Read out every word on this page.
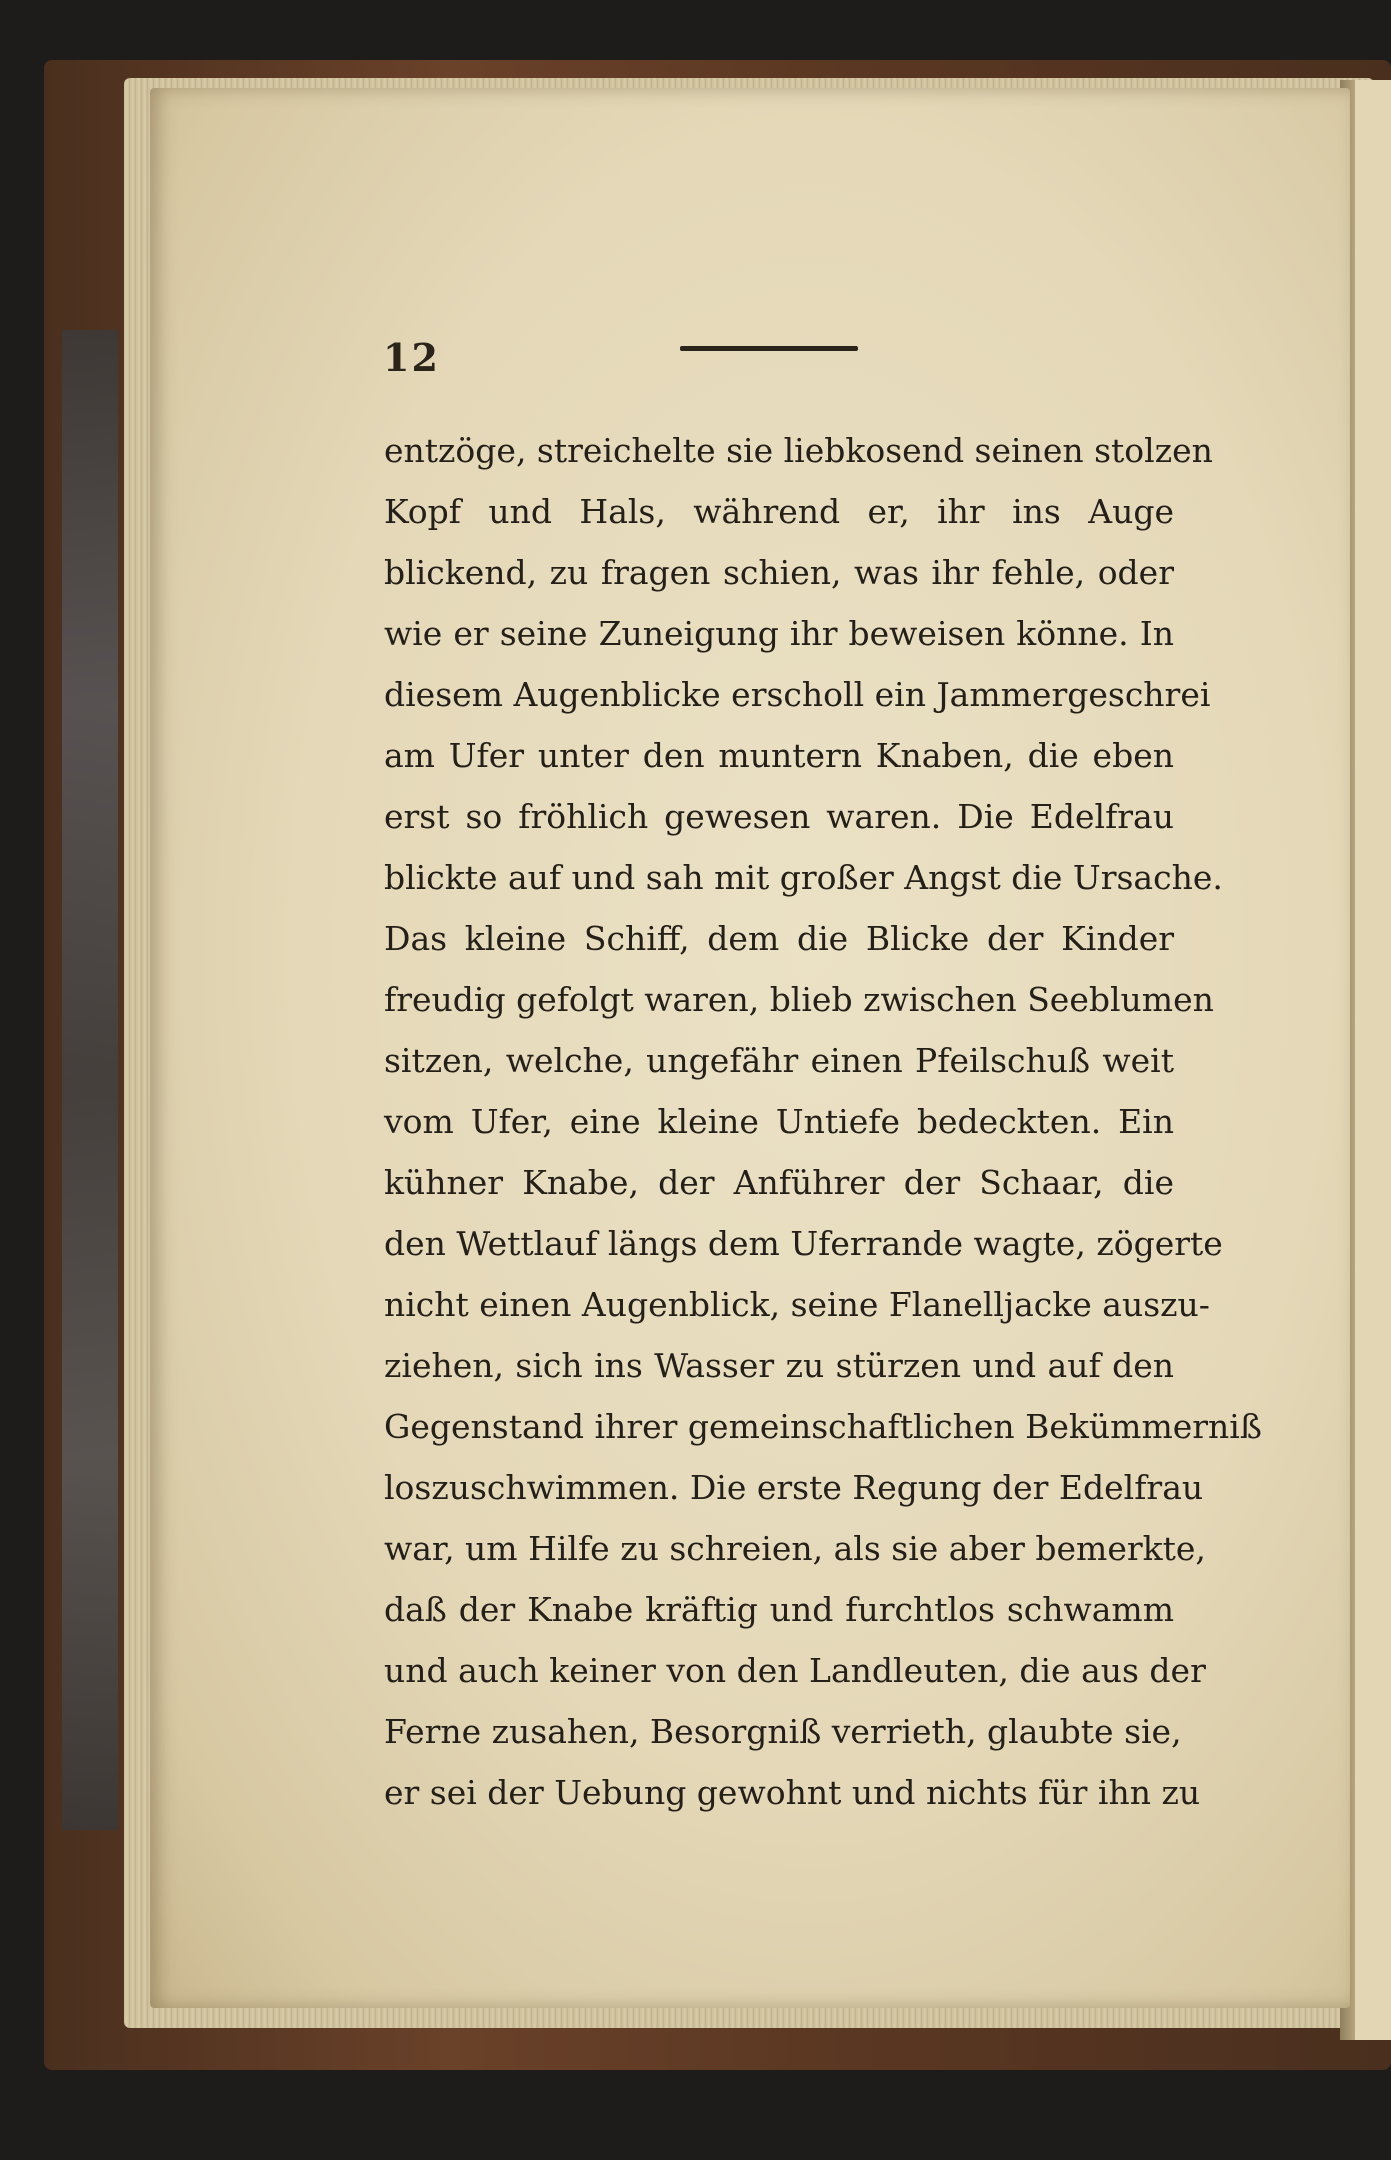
12
entzöge, streichelte sie liebkosend seinen stolzen
Kopf und Hals, während er, ihr ins Auge
blickend, zu fragen schien, was ihr fehle, oder
wie er seine Zuneigung ihr beweisen könne. In
diesem Augenblicke erscholl ein Jammergeschrei
am Ufer unter den muntern Knaben, die eben
erst so fröhlich gewesen waren. Die Edelfrau
blickte auf und sah mit großer Angst die Ursache.
Das kleine Schiff, dem die Blicke der Kinder
freudig gefolgt waren, blieb zwischen Seeblumen
sitzen, welche, ungefähr einen Pfeilschuß weit
vom Ufer, eine kleine Untiefe bedeckten. Ein
kühner Knabe, der Anführer der Schaar, die
den Wettlauf längs dem Uferrande wagte, zögerte
nicht einen Augenblick, seine Flanelljacke auszu-
ziehen, sich ins Wasser zu stürzen und auf den
Gegenstand ihrer gemeinschaftlichen Bekümmerniß
loszuschwimmen. Die erste Regung der Edelfrau
war, um Hilfe zu schreien, als sie aber bemerkte,
daß der Knabe kräftig und furchtlos schwamm
und auch keiner von den Landleuten, die aus der
Ferne zusahen, Besorgniß verrieth, glaubte sie,
er sei der Uebung gewohnt und nichts für ihn zu
